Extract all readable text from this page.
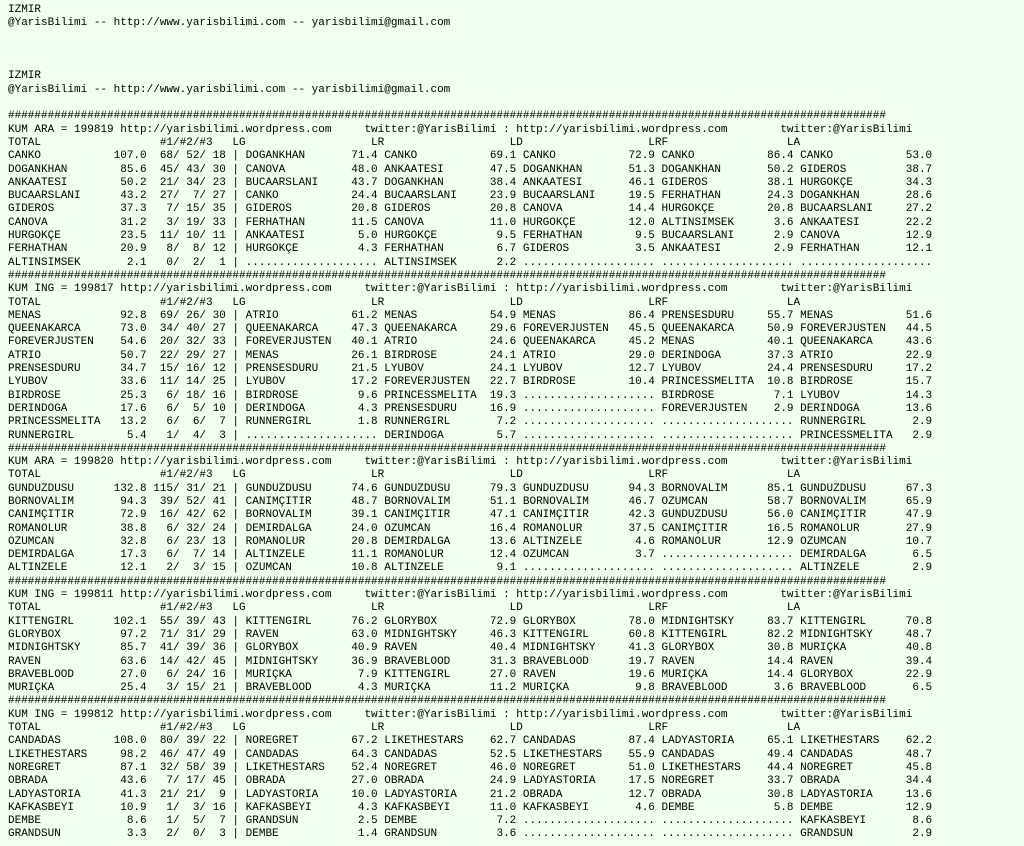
IZMIR
@YarisBilimi -- http://www.yarisbilimi.com -- yarisbilimi@gmail.com
IZMIR
@YarisBilimi -- http://www.yarisbilimi.com -- yarisbilimi@gmail.com
#####################################################################################################################################
KUM ARA = 199819 http://yarisbilimi.wordpress.com     twitter:@YarisBilimi : http://yarisbilimi.wordpress.com        twitter:@YarisBilimi
TOTAL                  #1/#2/#3   LG                   LR                   LD                   LRF                  LA
CANKO           107.0  68/ 52/ 18 | DOGANKHAN       71.4 CANKO           69.1 CANKO           72.9 CANKO           86.4 CANKO           53.0
DOGANKHAN        85.6  45/ 43/ 30 | CANOVA          48.0 ANKAATESI       47.5 DOGANKHAN       51.3 DOGANKHAN       50.2 GIDEROS         38.7
ANKAATESI        50.2  21/ 34/ 23 | BUCAARSLANI     43.7 DOGANKHAN       38.4 ANKAATESI       46.1 GIDEROS         38.1 HÜRGÖKÇE        34.3
BUCAARSLANI      43.2  27/  7/ 27 | CANKO           24.4 BUCAARSLANI     23.9 BUCAARSLANI     19.5 FERHATHAN       24.3 DOGANKHAN       28.6
GIDEROS          37.3   7/ 15/ 35 | GIDEROS         20.8 GIDEROS         20.8 CANOVA          14.4 HÜRGÖKÇE        20.8 BUCAARSLANI     27.2
CANOVA           31.2   3/ 19/ 33 | FERHATHAN       11.5 CANOVA          11.0 HÜRGÖKÇE        12.0 ALTINSIMSEK      3.6 ANKAATESI       22.2
HÜRGÖKÇE         23.5  11/ 10/ 11 | ANKAATESI        5.0 HÜRGÖKÇE         9.5 FERHATHAN        9.5 BUCAARSLANI      2.9 CANOVA          12.9
FERHATHAN        20.9   8/  8/ 12 | HÜRGÖKÇE         4.3 FERHATHAN        6.7 GIDEROS          3.5 ANKAATESI        2.9 FERHATHAN       12.1
ALTINSIMSEK       2.1   0/  2/  1 | .................... ALTINSIMSEK      2.2 .................... .................... ....................
#####################################################################################################################################
KUM ING = 199817 http://yarisbilimi.wordpress.com     twitter:@YarisBilimi : http://yarisbilimi.wordpress.com        twitter:@YarisBilimi
TOTAL                  #1/#2/#3   LG                   LR                   LD                   LRF                  LA
MENAS            92.8  69/ 26/ 30 | ATRIO           61.2 MENAS           54.9 MENAS           86.4 PRENSESDURU     55.7 MENAS           51.6
QUEENAKARCA      73.0  34/ 40/ 27 | QUEENAKARCA     47.3 QUEENAKARCA     29.6 FOREVERJUSTEN   45.5 QUEENAKARCA     50.9 FOREVERJUSTEN   44.5
FOREVERJUSTEN    54.6  20/ 32/ 33 | FOREVERJUSTEN   40.1 ATRIO           24.6 QUEENAKARCA     45.2 MENAS           40.1 QUEENAKARCA     43.6
ATRIO            50.7  22/ 29/ 27 | MENAS           26.1 BIRDROSE        24.1 ATRIO           29.0 DERINDOGA       37.3 ATRIO           22.9
PRENSESDURU      34.7  15/ 16/ 12 | PRENSESDURU     21.5 LYUBOV          24.1 LYUBOV          12.7 LYUBOV          24.4 PRENSESDURU     17.2
LYUBOV           33.6  11/ 14/ 25 | LYUBOV          17.2 FOREVERJUSTEN   22.7 BIRDROSE        10.4 PRINCESSMELITA  10.8 BIRDROSE        15.7
BIRDROSE         25.3   6/ 18/ 16 | BIRDROSE         9.6 PRINCESSMELITA  19.3 .................... BIRDROSE         7.1 LYUBOV          14.3
DERINDOGA        17.6   6/  5/ 10 | DERINDOGA        4.3 PRENSESDURU     16.9 .................... FOREVERJUSTEN    2.9 DERINDOGA       13.6
PRINCESSMELITA   13.2   6/  6/  7 | RUNNERGIRL       1.8 RUNNERGIRL       7.2 .................... .................... RUNNERGIRL       2.9
RUNNERGIRL        5.4   1/  4/  3 | .................... DERINDOGA        5.7 .................... .................... PRINCESSMELITA   2.9
#####################################################################################################################################
KUM ARA = 199820 http://yarisbilimi.wordpress.com     twitter:@YarisBilimi : http://yarisbilimi.wordpress.com        twitter:@YarisBilimi
TOTAL                  #1/#2/#3   LG                   LR                   LD                   LRF                  LA
GÜNDÜZDÜSÜ      132.8 115/ 31/ 21 | GÜNDÜZDÜSÜ      74.6 GÜNDÜZDÜSÜ      79.3 GÜNDÜZDÜSÜ      94.3 BORNOVALIM      85.1 GÜNDÜZDÜSÜ      67.3
BORNOVALIM       94.3  39/ 52/ 41 | CANIMÇITIR      48.7 BORNOVALIM      51.1 BORNOVALIM      46.7 ÖZÜMCAN         58.7 BORNOVALIM      65.9
CANIMÇITIR       72.9  16/ 42/ 62 | BORNOVALIM      39.1 CANIMÇITIR      47.1 CANIMÇITIR      42.3 GÜNDÜZDÜSÜ      56.0 CANIMÇITIR      47.9
ROMANOLUR        38.8   6/ 32/ 24 | DEMIRDALGA      24.0 ÖZÜMCAN         16.4 ROMANOLUR       37.5 CANIMÇITIR      16.5 ROMANOLUR       27.9
ÖZÜMCAN          32.8   6/ 23/ 13 | ROMANOLUR       20.8 DEMIRDALGA      13.6 ALTINZELE        4.6 ROMANOLUR       12.9 ÖZÜMCAN         10.7
DEMIRDALGA       17.3   6/  7/ 14 | ALTINZELE       11.1 ROMANOLUR       12.4 ÖZÜMCAN          3.7 .................... DEMIRDALGA       6.5
ALTINZELE        12.1   2/  3/ 15 | ÖZÜMCAN         10.8 ALTINZELE        9.1 .................... .................... ALTINZELE        2.9
#####################################################################################################################################
KUM ING = 199811 http://yarisbilimi.wordpress.com     twitter:@YarisBilimi : http://yarisbilimi.wordpress.com        twitter:@YarisBilimi
TOTAL                  #1/#2/#3   LG                   LR                   LD                   LRF                  LA
KITTENGIRL      102.1  55/ 39/ 43 | KITTENGIRL      76.2 GLORYBOX        72.9 GLORYBOX        78.0 MIDNIGHTSKY     83.7 KITTENGIRL      70.8
GLORYBOX         97.2  71/ 31/ 29 | RAVEN           63.0 MIDNIGHTSKY     46.3 KITTENGIRL      60.8 KITTENGIRL      82.2 MIDNIGHTSKY     48.7
MIDNIGHTSKY      85.7  41/ 39/ 36 | GLORYBOX        40.9 RAVEN           40.4 MIDNIGHTSKY     41.3 GLORYBOX        30.8 MURIÇKA         40.8
RAVEN            63.6  14/ 42/ 45 | MIDNIGHTSKY     36.9 BRAVEBLOOD      31.3 BRAVEBLOOD      19.7 RAVEN           14.4 RAVEN           39.4
BRAVEBLOOD       27.0   6/ 24/ 16 | MURIÇKA          7.9 KITTENGIRL      27.0 RAVEN           19.6 MURIÇKA         14.4 GLORYBOX        22.9
MURIÇKA          25.4   3/ 15/ 21 | BRAVEBLOOD       4.3 MURIÇKA         11.2 MURIÇKA          9.8 BRAVEBLOOD       3.6 BRAVEBLOOD       6.5
#####################################################################################################################################
KUM ING = 199812 http://yarisbilimi.wordpress.com     twitter:@YarisBilimi : http://yarisbilimi.wordpress.com        twitter:@YarisBilimi
TOTAL                  #1/#2/#3   LG                   LR                   LD                   LRF                  LA
CANDADAS        108.0  80/ 39/ 22 | NOREGRET        67.2 LIKETHESTARS    62.7 CANDADAS        87.4 LADYASTORIA     65.1 LIKETHESTARS    62.2
LIKETHESTARS     98.2  46/ 47/ 49 | CANDADAS        64.3 CANDADAS        52.5 LIKETHESTARS    55.9 CANDADAS        49.4 CANDADAS        48.7
NOREGRET         87.1  32/ 58/ 39 | LIKETHESTARS    52.4 NOREGRET        46.0 NOREGRET        51.0 LIKETHESTARS    44.4 NOREGRET        45.8
OBRADA           43.6   7/ 17/ 45 | OBRADA          27.0 OBRADA          24.9 LADYASTORIA     17.5 NOREGRET        33.7 OBRADA          34.4
LADYASTORIA      41.3  21/ 21/  9 | LADYASTORIA     10.0 LADYASTORIA     21.2 OBRADA          12.7 OBRADA          30.8 LADYASTORIA     13.6
KAFKASBEYI       10.9   1/  3/ 16 | KAFKASBEYI       4.3 KAFKASBEYI      11.0 KAFKASBEYI       4.6 DEMBE            5.8 DEMBE           12.9
DEMBE             8.6   1/  5/  7 | GRANDSUN         2.5 DEMBE            7.2 .................... .................... KAFKASBEYI       8.6
GRANDSUN          3.3   2/  0/  3 | DEMBE            1.4 GRANDSUN         3.6 .................... .................... GRANDSUN         2.9
